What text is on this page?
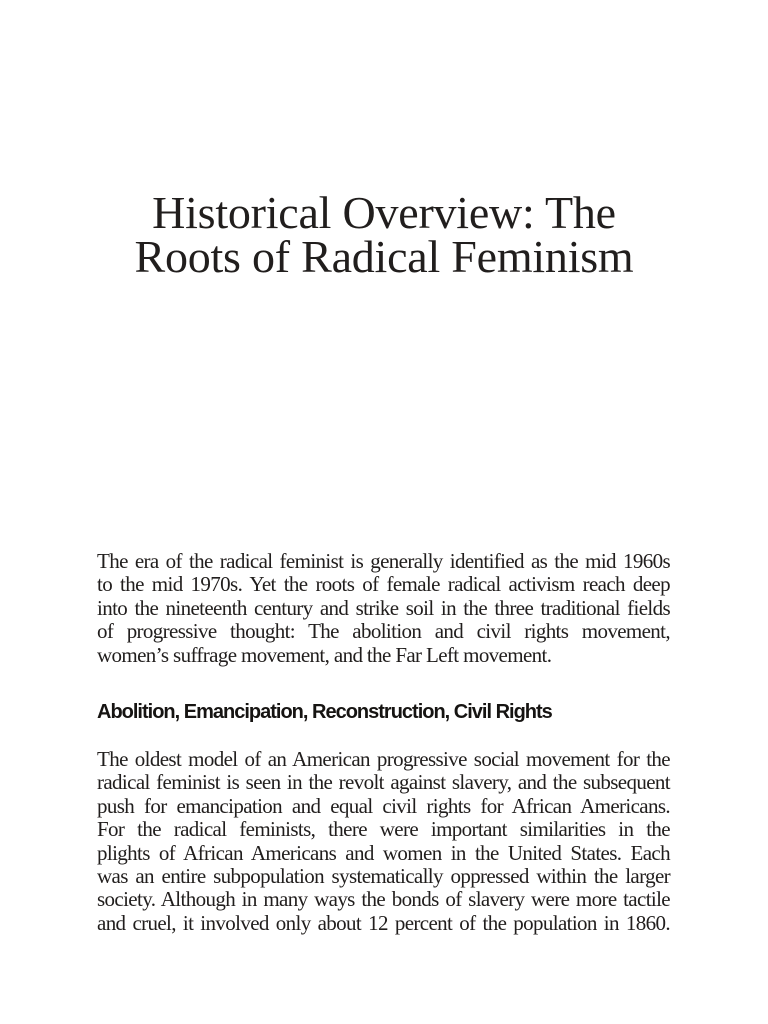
Historical Overview: The
Roots of Radical Feminism
The era of the radical feminist is generally identified as the mid 1960s
to the mid 1970s. Yet the roots of female radical activism reach deep
into the nineteenth century and strike soil in the three traditional fields
of progressive thought: The abolition and civil rights movement,
women’s suffrage movement, and the Far Left movement.
Abolition, Emancipation, Reconstruction, Civil Rights
The oldest model of an American progressive social movement for the
radical feminist is seen in the revolt against slavery, and the subsequent
push for emancipation and equal civil rights for African Americans.
For the radical feminists, there were important similarities in the
plights of African Americans and women in the United States. Each
was an entire subpopulation systematically oppressed within the larger
society. Although in many ways the bonds of slavery were more tactile
and cruel, it involved only about 12 percent of the population in 1860.
